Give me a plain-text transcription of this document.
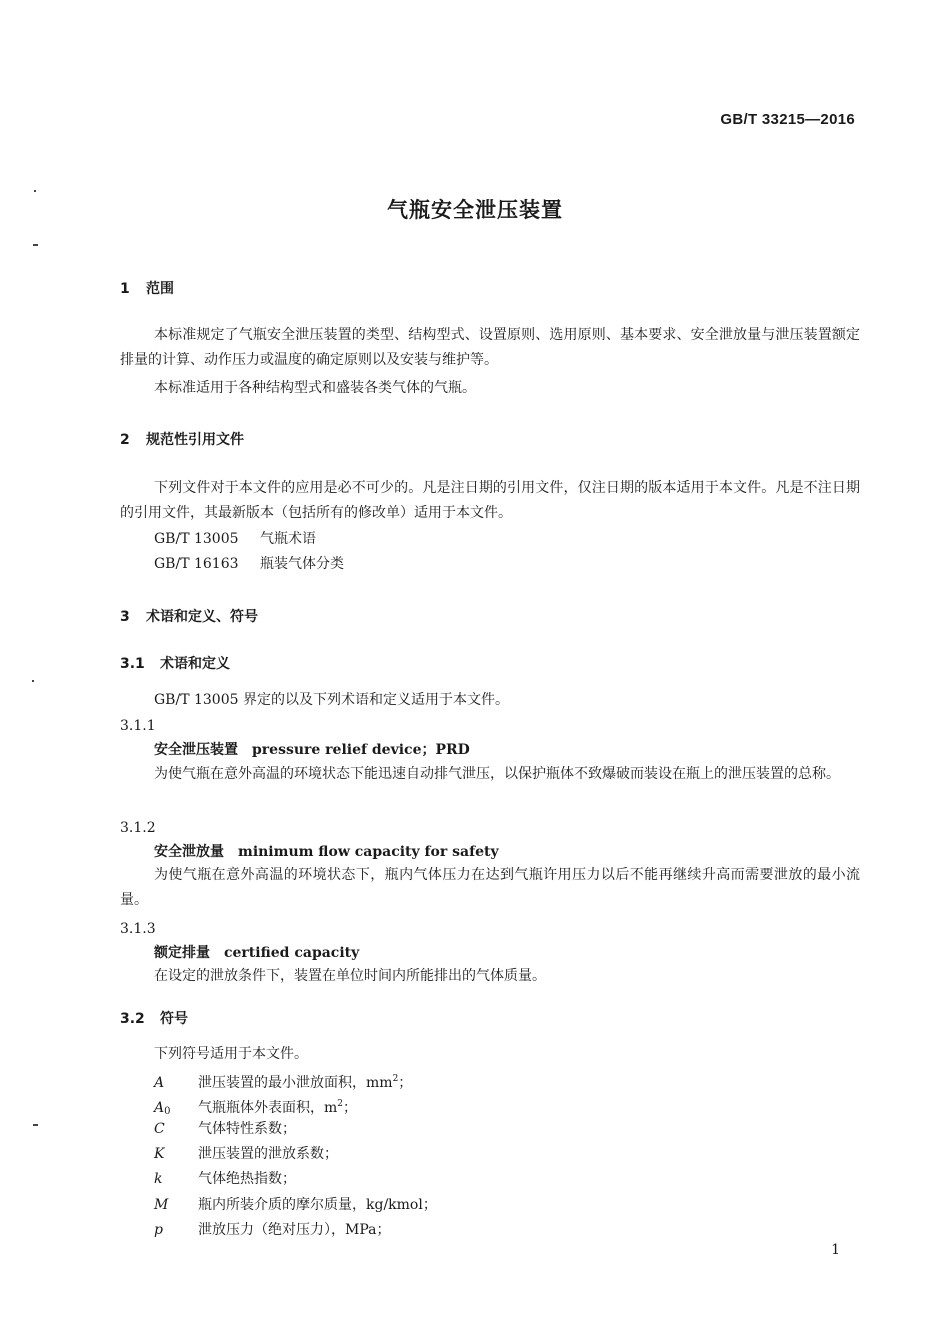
GB/T 33215—2016
气瓶安全泄压装置
1 范围
本标准规定了气瓶安全泄压装置的类型、结构型式、设置原则、选用原则、基本要求、安全泄放量与泄压装置额定排量的计算、动作压力或温度的确定原则以及安装与维护等。
本标准适用于各种结构型式和盛装各类气体的气瓶。
2 规范性引用文件
下列文件对于本文件的应用是必不可少的。凡是注日期的引用文件，仅注日期的版本适用于本文件。凡是不注日期的引用文件，其最新版本（包括所有的修改单）适用于本文件。
GB/T 13005 气瓶术语
GB/T 16163 瓶装气体分类
3 术语和定义、符号
3.1 术语和定义
GB/T 13005 界定的以及下列术语和定义适用于本文件。
3.1.1
安全泄压装置 pressure relief device；PRD
为使气瓶在意外高温的环境状态下能迅速自动排气泄压，以保护瓶体不致爆破而装设在瓶上的泄压装置的总称。
3.1.2
安全泄放量 minimum flow capacity for safety
为使气瓶在意外高温的环境状态下，瓶内气体压力在达到气瓶许用压力以后不能再继续升高而需要泄放的最小流量。
3.1.3
额定排量 certified capacity
在设定的泄放条件下，装置在单位时间内所能排出的气体质量。
3.2 符号
下列符号适用于本文件。
A 泄压装置的最小泄放面积，$mm^2$；
$A_0$ 气瓶瓶体外表面积，$m^2$；
C 气体特性系数；
K 泄压装置的泄放系数；
k	气体绝热指数；
M 瓶内所装介质的摩尔质量，kg/kmol；
p	泄放压力（绝对压力），MPa；
1
